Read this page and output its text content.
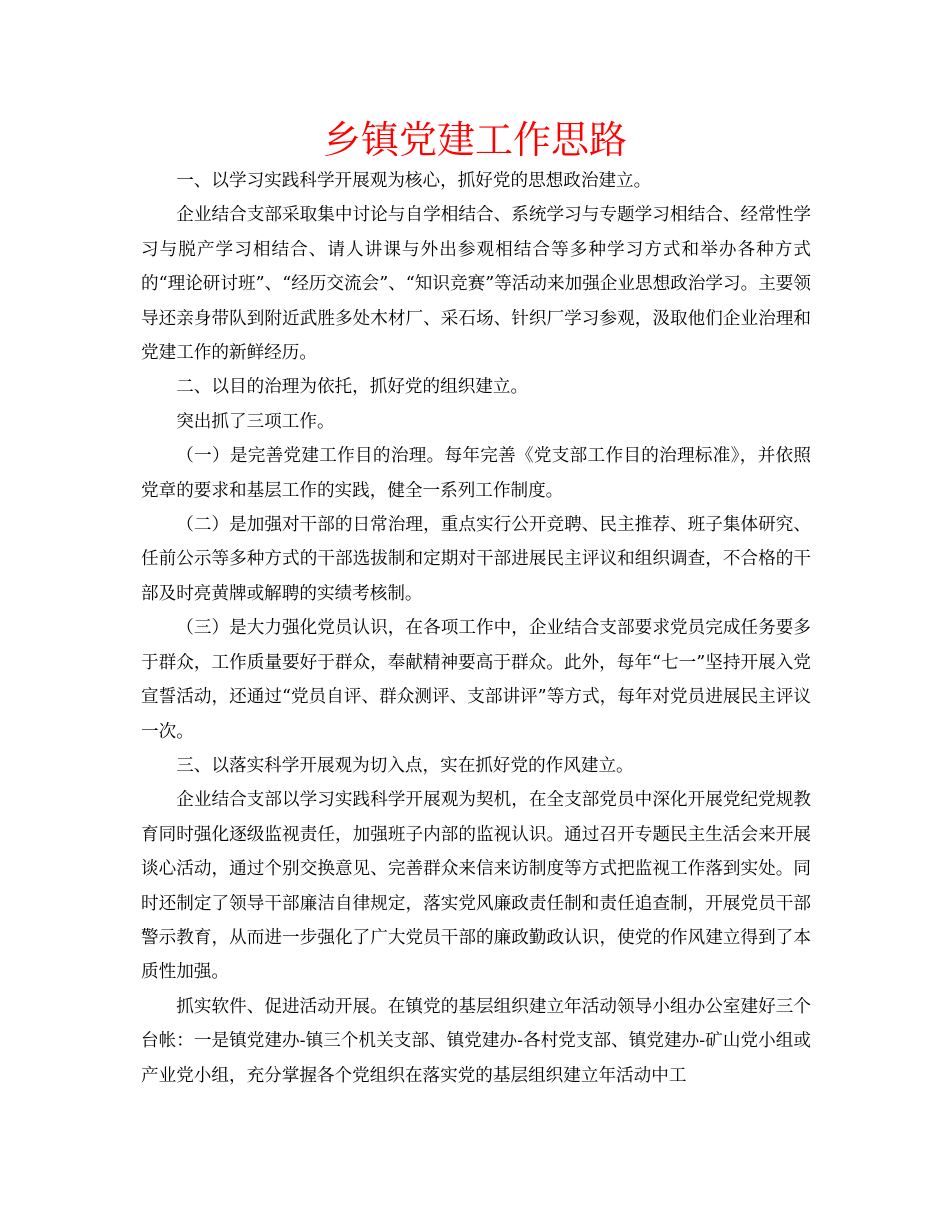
乡镇党建工作思路

一、以学习实践科学开展观为核心，抓好党的思想政治建立。

企业结合支部采取集中讨论与自学相结合、系统学习与专题学习相结合、经常性学习与脱产学习相结合、请人讲课与外出参观相结合等多种学习方式和举办各种方式的“理论研讨班”、“经历交流会”、“知识竞赛”等活动来加强企业思想政治学习。主要领导还亲身带队到附近武胜多处木材厂、采石场、针织厂学习参观，汲取他们企业治理和党建工作的新鲜经历。

二、以目的治理为依托，抓好党的组织建立。

突出抓了三项工作。

（一）是完善党建工作目的治理。每年完善《党支部工作目的治理标准》，并依照党章的要求和基层工作的实践，健全一系列工作制度。

（二）是加强对干部的日常治理，重点实行公开竞聘、民主推荐、班子集体研究、任前公示等多种方式的干部选拔制和定期对干部进展民主评议和组织调查，不合格的干部及时亮黄牌或解聘的实绩考核制。

（三）是大力强化党员认识，在各项工作中，企业结合支部要求党员完成任务要多于群众，工作质量要好于群众，奉献精神要高于群众。此外，每年“七一”坚持开展入党宣誓活动，还通过“党员自评、群众测评、支部讲评”等方式，每年对党员进展民主评议一次。

三、以落实科学开展观为切入点，实在抓好党的作风建立。

企业结合支部以学习实践科学开展观为契机，在全支部党员中深化开展党纪党规教育同时强化逐级监视责任，加强班子内部的监视认识。通过召开专题民主生活会来开展谈心活动，通过个别交换意见、完善群众来信来访制度等方式把监视工作落到实处。同时还制定了领导干部廉洁自律规定，落实党风廉政责任制和责任追查制，开展党员干部警示教育，从而进一步强化了广大党员干部的廉政勤政认识，使党的作风建立得到了本质性加强。

抓实软件、促进活动开展。在镇党的基层组织建立年活动领导小组办公室建好三个台帐：一是镇党建办-镇三个机关支部、镇党建办-各村党支部、镇党建办-矿山党小组或产业党小组，充分掌握各个党组织在落实党的基层组织建立年活动中工
